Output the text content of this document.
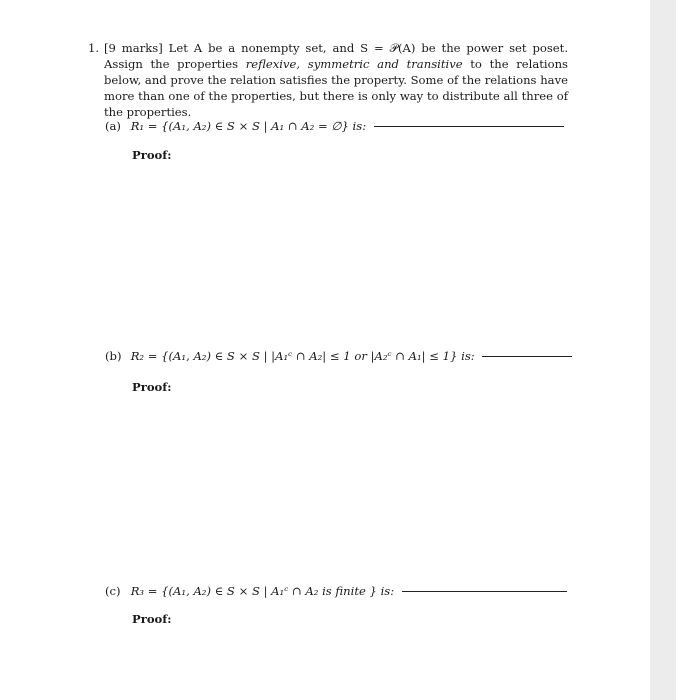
1. [9 marks] Let A be a nonempty set, and S = 𝒫(A) be the power set poset. Assign the properties reflexive, symmetric and transitive to the relations below, and prove the relation satisfies the property. Some of the relations have more than one of the properties, but there is only way to distribute all three of the properties.
(a) R₁ = {(A₁, A₂) ∈ S × S | A₁ ∩ A₂ = ∅} is:
Proof:
(b) R₂ = {(A₁, A₂) ∈ S × S | |A₁ᶜ ∩ A₂| ≤ 1 or |A₂ᶜ ∩ A₁| ≤ 1} is:
Proof:
(c) R₃ = {(A₁, A₂) ∈ S × S | A₁ᶜ ∩ A₂ is finite } is:
Proof:
